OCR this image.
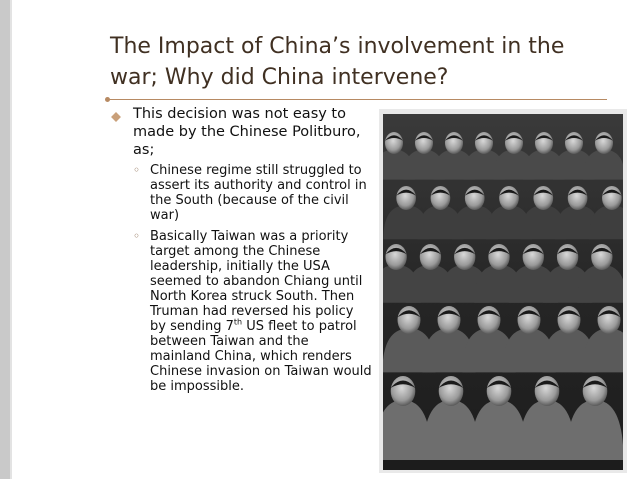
The Impact of China’s involvement in the
war; Why did China intervene?
This decision was not easy to made by the Chinese Politburo, as;
◦ Chinese regime still struggled to assert its authority and control in the South (because of the civil war)
◦ Basically Taiwan was a priority target among the Chinese leadership, initially the USA seemed to abandon Chiang until North Korea struck South. Then Truman had reversed his policy by sending 7th US fleet to patrol between Taiwan and the mainland China, which renders Chinese invasion on Taiwan would be impossible.
